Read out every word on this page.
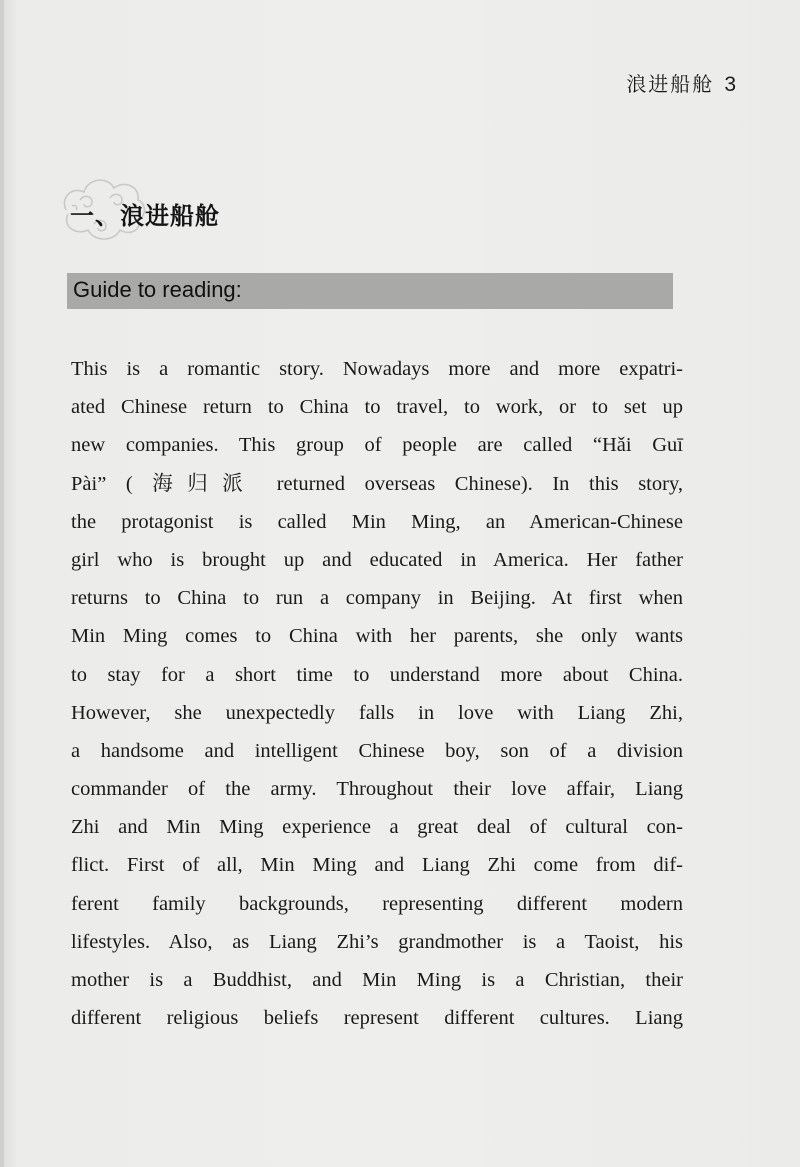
浪进船舱 3
一、浪进船舱
Guide to reading:
This is a romantic story. Nowadays more and more expatri-
ated Chinese return to China to travel, to work, or to set up
new companies. This group of people are called “Hǎi Guī
Pài” ( 海归派 returned overseas Chinese). In this story,
the protagonist is called Min Ming, an American-Chinese
girl who is brought up and educated in America. Her father
returns to China to run a company in Beijing. At first when
Min Ming comes to China with her parents, she only wants
to stay for a short time to understand more about China.
However, she unexpectedly falls in love with Liang Zhi,
a handsome and intelligent Chinese boy, son of a division
commander of the army. Throughout their love affair, Liang
Zhi and Min Ming experience a great deal of cultural con-
flict. First of all, Min Ming and Liang Zhi come from dif-
ferent family backgrounds, representing different modern
lifestyles. Also, as Liang Zhi’s grandmother is a Taoist, his
mother is a Buddhist, and Min Ming is a Christian, their
different religious beliefs represent different cultures. Liang
